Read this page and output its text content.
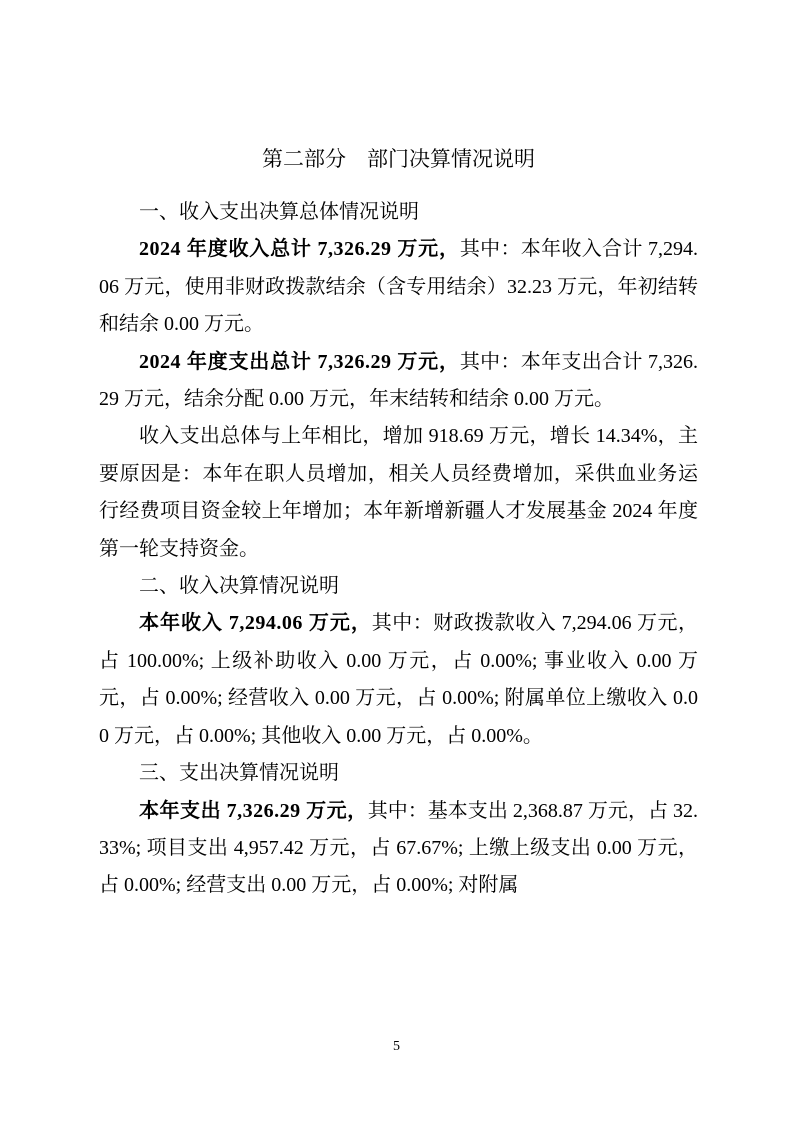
第二部分　部门决算情况说明

一、收入支出决算总体情况说明

2024 年度收入总计 7,326.29 万元，其中：本年收入合计 7,294.06 万元，使用非财政拨款结余（含专用结余）32.23 万元，年初结转和结余 0.00 万元。

2024 年度支出总计 7,326.29 万元，其中：本年支出合计 7,326.29 万元，结余分配 0.00 万元，年末结转和结余 0.00 万元。

收入支出总体与上年相比，增加 918.69 万元，增长 14.34%，主要原因是：本年在职人员增加，相关人员经费增加，采供血业务运行经费项目资金较上年增加；本年新增新疆人才发展基金 2024 年度第一轮支持资金。

二、收入决算情况说明

本年收入 7,294.06 万元，其中：财政拨款收入 7,294.06 万元，占 100.00%; 上级补助收入 0.00 万元，占 0.00%; 事业收入 0.00 万元，占 0.00%; 经营收入 0.00 万元，占 0.00%; 附属单位上缴收入 0.00 万元，占 0.00%; 其他收入 0.00 万元，占 0.00%。

三、支出决算情况说明

本年支出 7,326.29 万元，其中：基本支出 2,368.87 万元，占 32.33%; 项目支出 4,957.42 万元，占 67.67%; 上缴上级支出 0.00 万元，占 0.00%; 经营支出 0.00 万元，占 0.00%; 对附属

5
